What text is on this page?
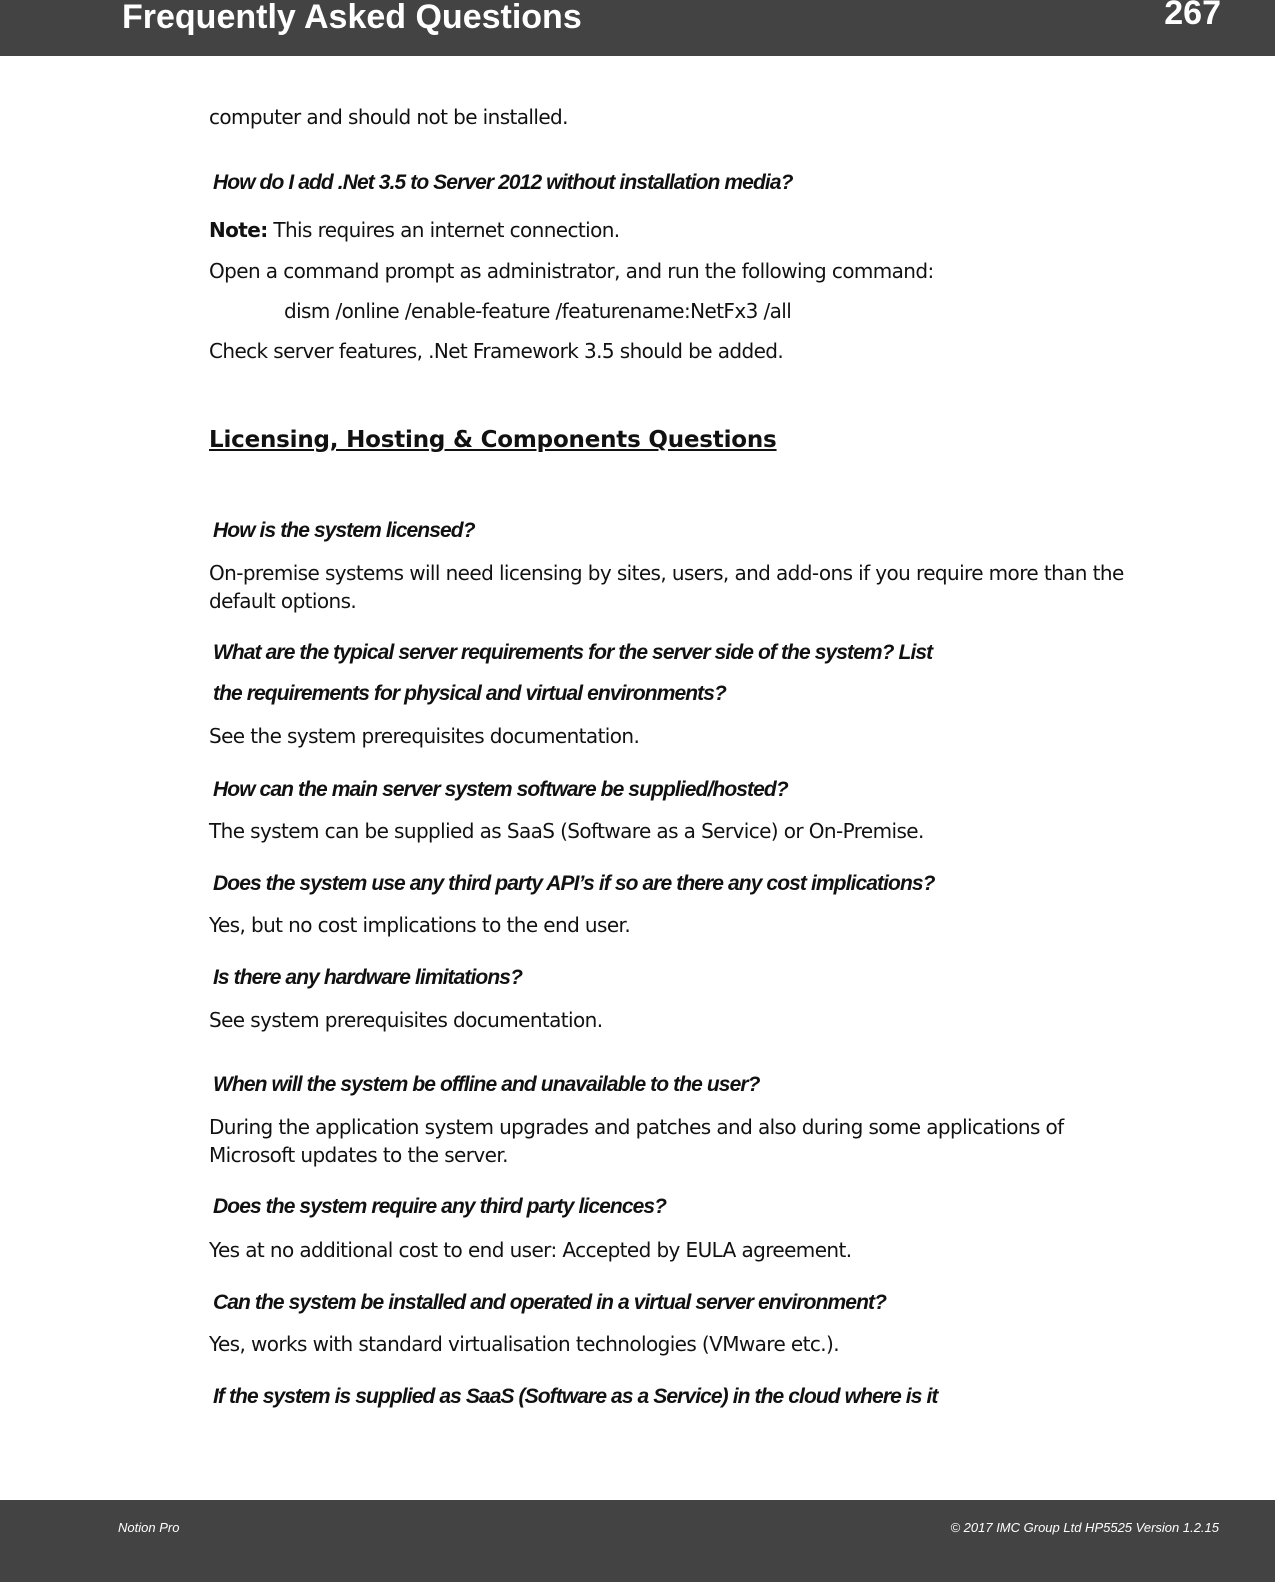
Frequently Asked Questions	267
computer and should not be installed.
How do I add .Net 3.5 to Server 2012 without installation media?
Note: This requires an internet connection.
Open a command prompt as administrator, and run the following command:
dism /online /enable-feature /featurename:NetFx3 /all
Check server features, .Net Framework 3.5 should be added.
Licensing, Hosting & Components Questions
How is the system licensed?
On-premise systems will need licensing by sites, users, and add-ons if you require more than the default options.
What are the typical server requirements for the server side of the system? List
the requirements for physical and virtual environments?
See the system prerequisites documentation.
How can the main server system software be supplied/hosted?
The system can be supplied as SaaS (Software as a Service) or On-Premise.
Does the system use any third party API’s if so are there any cost implications?
Yes, but no cost implications to the end user.
Is there any hardware limitations?
See system prerequisites documentation.
When will the system be offline and unavailable to the user?
During the application system upgrades and patches and also during some applications of Microsoft updates to the server.
Does the system require any third party licences?
Yes at no additional cost to end user: Accepted by EULA agreement.
Can the system be installed and operated in a virtual server environment?
Yes, works with standard virtualisation technologies (VMware etc.).
If the system is supplied as SaaS (Software as a Service) in the cloud where is it
Notion Pro	© 2017 IMC Group Ltd HP5525 Version 1.2.15
